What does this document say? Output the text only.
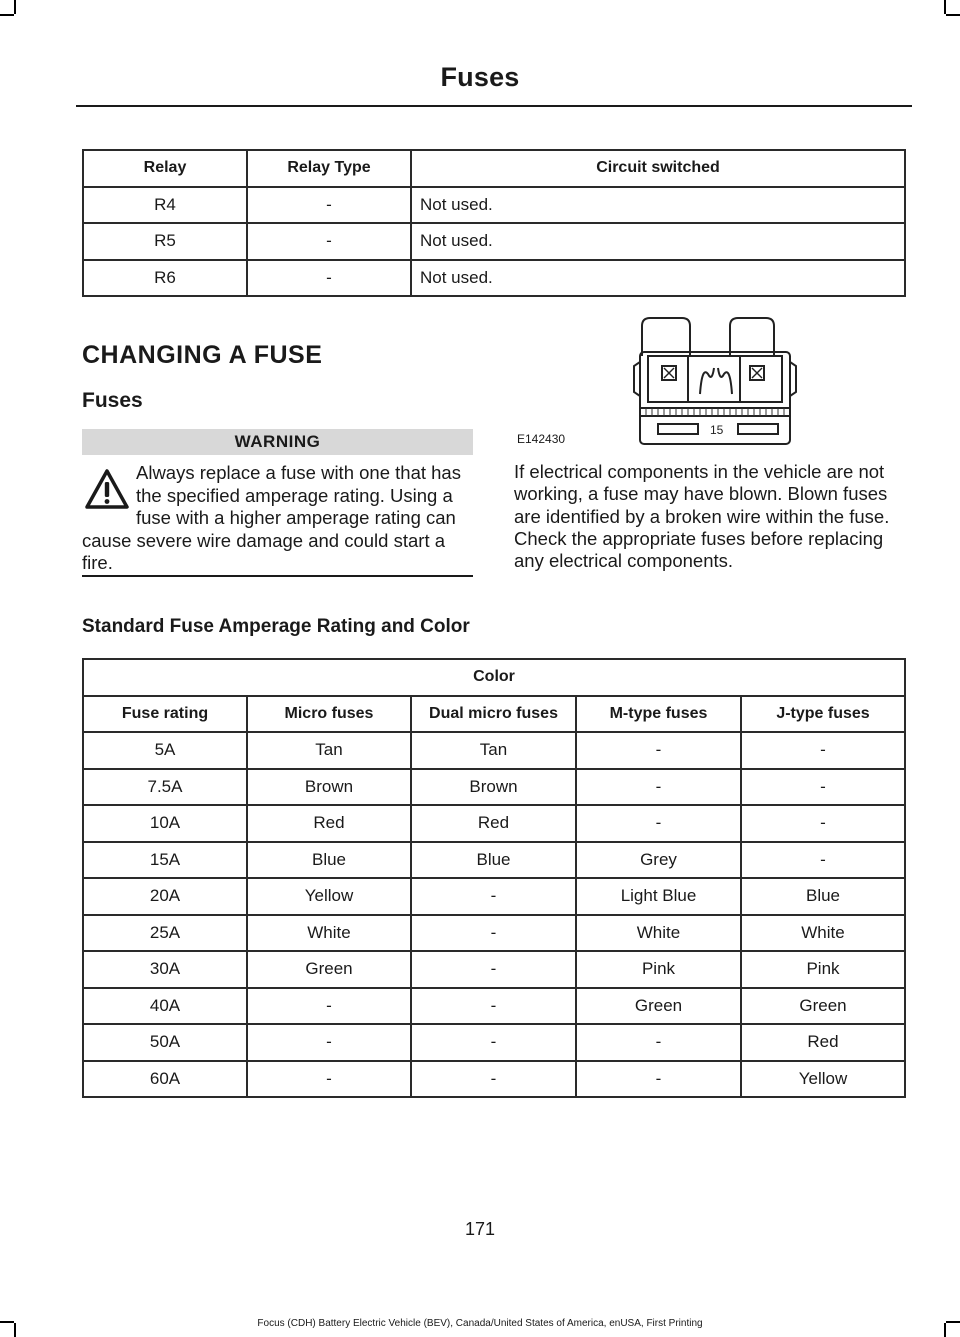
Fuses
Relay	Relay Type	Circuit switched
R4	-	Not used.
R5	-	Not used.
R6	-	Not used.
CHANGING A FUSE
Fuses
WARNING
Always replace a fuse with one that has the specified amperage rating. Using a fuse with a higher amperage rating can cause severe wire damage and could start a fire.
15
E142430
If electrical components in the vehicle are not working, a fuse may have blown. Blown fuses are identified by a broken wire within the fuse. Check the appropriate fuses before replacing any electrical components.
Standard Fuse Amperage Rating and Color
Color				
Fuse rating	Micro fuses	Dual micro fuses	M-type fuses	J-type fuses
5A	Tan	Tan	-	-
7.5A	Brown	Brown	-	-
10A	Red	Red	-	-
15A	Blue	Blue	Grey	-
20A	Yellow	-	Light Blue	Blue
25A	White	-	White	White
30A	Green	-	Pink	Pink
40A	-	-	Green	Green
50A	-	-	-	Red
60A	-	-	-	Yellow
171
Focus (CDH) Battery Electric Vehicle (BEV), Canada/United States of America, enUSA, First Printing
